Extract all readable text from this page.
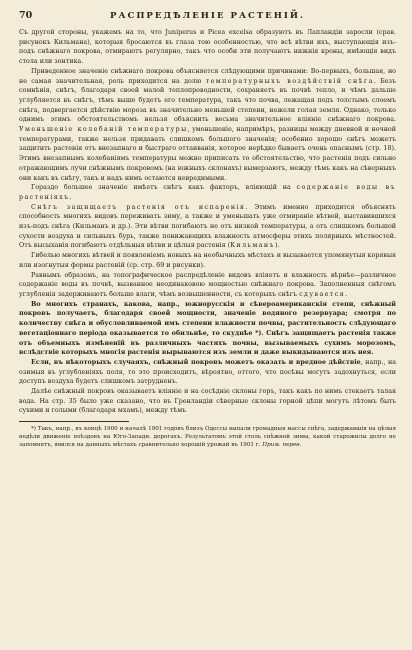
70	РАСПРЕДѢЛЕНІЕ РАСТЕНІЙ.

Съ другой стороны, укажемъ на то, что Juniperus и Picea excelsa образуютъ въ Лапландіи заросли (срав. рисунокъ Кильмана), которыя бросаются въ глаза тою особенностью, что всѣ вѣтви ихъ, выступающія изъ-подъ снѣжнаго покрова, отмираютъ регулярно, такъ что особи эти получаютъ нижнія кроны, имѣющія видъ стола или зонтика.

Приведенное значеніе снѣжнаго покрова объясняется слѣдующими причинами: Во-первыхъ, большая, но не самая значительная, роль приходится на долю температурныхъ воздѣйствій снѣга. Безъ сомнѣнія, снѣгъ, благодаря своей малой теплопроводности, сохраняетъ въ почвѣ тепло, и чѣмъ дальше углубляется въ снѣгъ, тѣмъ выше будетъ его температура, такъ что почва, лежащая подъ толстымъ слоемъ снѣга, подвергается дѣйствію мороза въ значительно меньшей степени, нежели голая земля. Однако, только однимъ этимъ обстоятельствомъ нельзя объяснить весьма значительное вліяніе снѣжнаго покрова. Уменьшеніе колебаній температуры, уменьшеніе, напримѣръ, разницы между дневной и ночной температурами, также нельзя придавать слишкомъ большого значенія; особенно хорошо снѣгъ можетъ защитить растенія отъ внезапнаго и быстраго оттаиванія, которое нерѣдко бываетъ очень опаснымъ (стр. 18). Этимъ внезапнымъ колебаніямъ температуры можно приписать то обстоятельство, что растенія подъ сильно отражающимъ лучи снѣжнымъ покровомъ (на южныхъ склонахъ) вымерзаютъ, между тѣмъ какъ на сѣверныхъ они какъ въ снѣгу, такъ и надъ нимъ остаются невредимыми.

Гораздо большее значеніе имѣетъ снѣгъ какъ факторъ, вліяющій на содержаніе воды въ растеніяхъ.

Снѣгъ защищаетъ растенія отъ испаренія. Этимъ именно приходится объяснять способность многихъ видовъ переживать зиму, а также и уменьшать уже отмираніе вѣтвей, выставившихся изъ-подъ снѣга (Кильманъ и др.). Эти вѣтви погибаютъ не отъ низкой температуры, а отъ слишкомъ большой сухости воздуха и сильныхъ бурь, также понижающихъ влажность атмосферы этихъ полярныхъ мѣстностей. Отъ высыханія погибаютъ отдѣльныя вѣтви и цѣлыя растенія (Кильманъ).

Гибелью многихъ вѣтвей и появленіемъ новыхъ на необычныхъ мѣстахъ и вызывается упомянутыя корявыя или изогнутыя формы растеній (ср. стр. 69 и рисунки).

Равнымъ образомъ, на топографическое распредѣленіе видовъ вліяетъ и влажность вѣрнѣе—различное содержаніе воды въ почвѣ, вызванное неодинаковою мощностью снѣжнаго покрова. Заполненныя снѣгомъ углубленія задерживаютъ больше влаги, чѣмъ возвышенности, съ которыхъ снѣгъ сдувается.

Во многихъ странахъ, какова, напр., южнорусскія и сѣвероамериканскія степи, снѣжный покровъ получаетъ, благодаря своей мощности, значеніе водяного резервуара; смотря по количеству снѣга и обусловливаемой имъ степени влажности почвы, растительность слѣдующаго вегетаціоннаго періода оказывается то обильнѣе, то скуднѣе *). Снѣгъ защищаетъ растенія также отъ объемныхъ измѣненій въ различныхъ частяхъ почвы, вызываемыхъ сухимъ морозомъ, вслѣдствіе которыхъ многія растенія вырываются изъ земли и даже выкидываются изъ нея.

Если, въ нѣкоторыхъ случаяхъ, снѣжный покровъ можетъ оказать и вредное дѣйствіе, напр., на озимыя въ углубленіяхъ поля, то это происходитъ, вѣроятно, оттого, что посѣвы могутъ задохнуться, если доступъ воздуха будетъ слишкомъ затрудненъ.

Далѣе снѣжный покровъ оказываетъ вліяніе и на сосѣдніе склоны горъ, такъ какъ по нимъ стекаетъ талая вода. На стр. 35 было уже сказано, что въ Гренландіи сѣверные склоны горной цѣпи могутъ лѣтомъ быть сухими и голыми (благодаря мхамъ), между тѣмъ

*) Такъ, напр., въ концѣ 1900 и началѣ 1901 годовъ близъ Одессы выпали громадныя массы снѣга, задержавшія на цѣлыя недѣли движеніе поѣздовъ на Юго-Западн. дорогахъ. Результатомъ этой столь снѣжной зимы, какой старожилы долго не запомнятъ, явился на данныхъ мѣстахъ сравнительно хорошій урожай въ 1901 г. Прим. перев.
